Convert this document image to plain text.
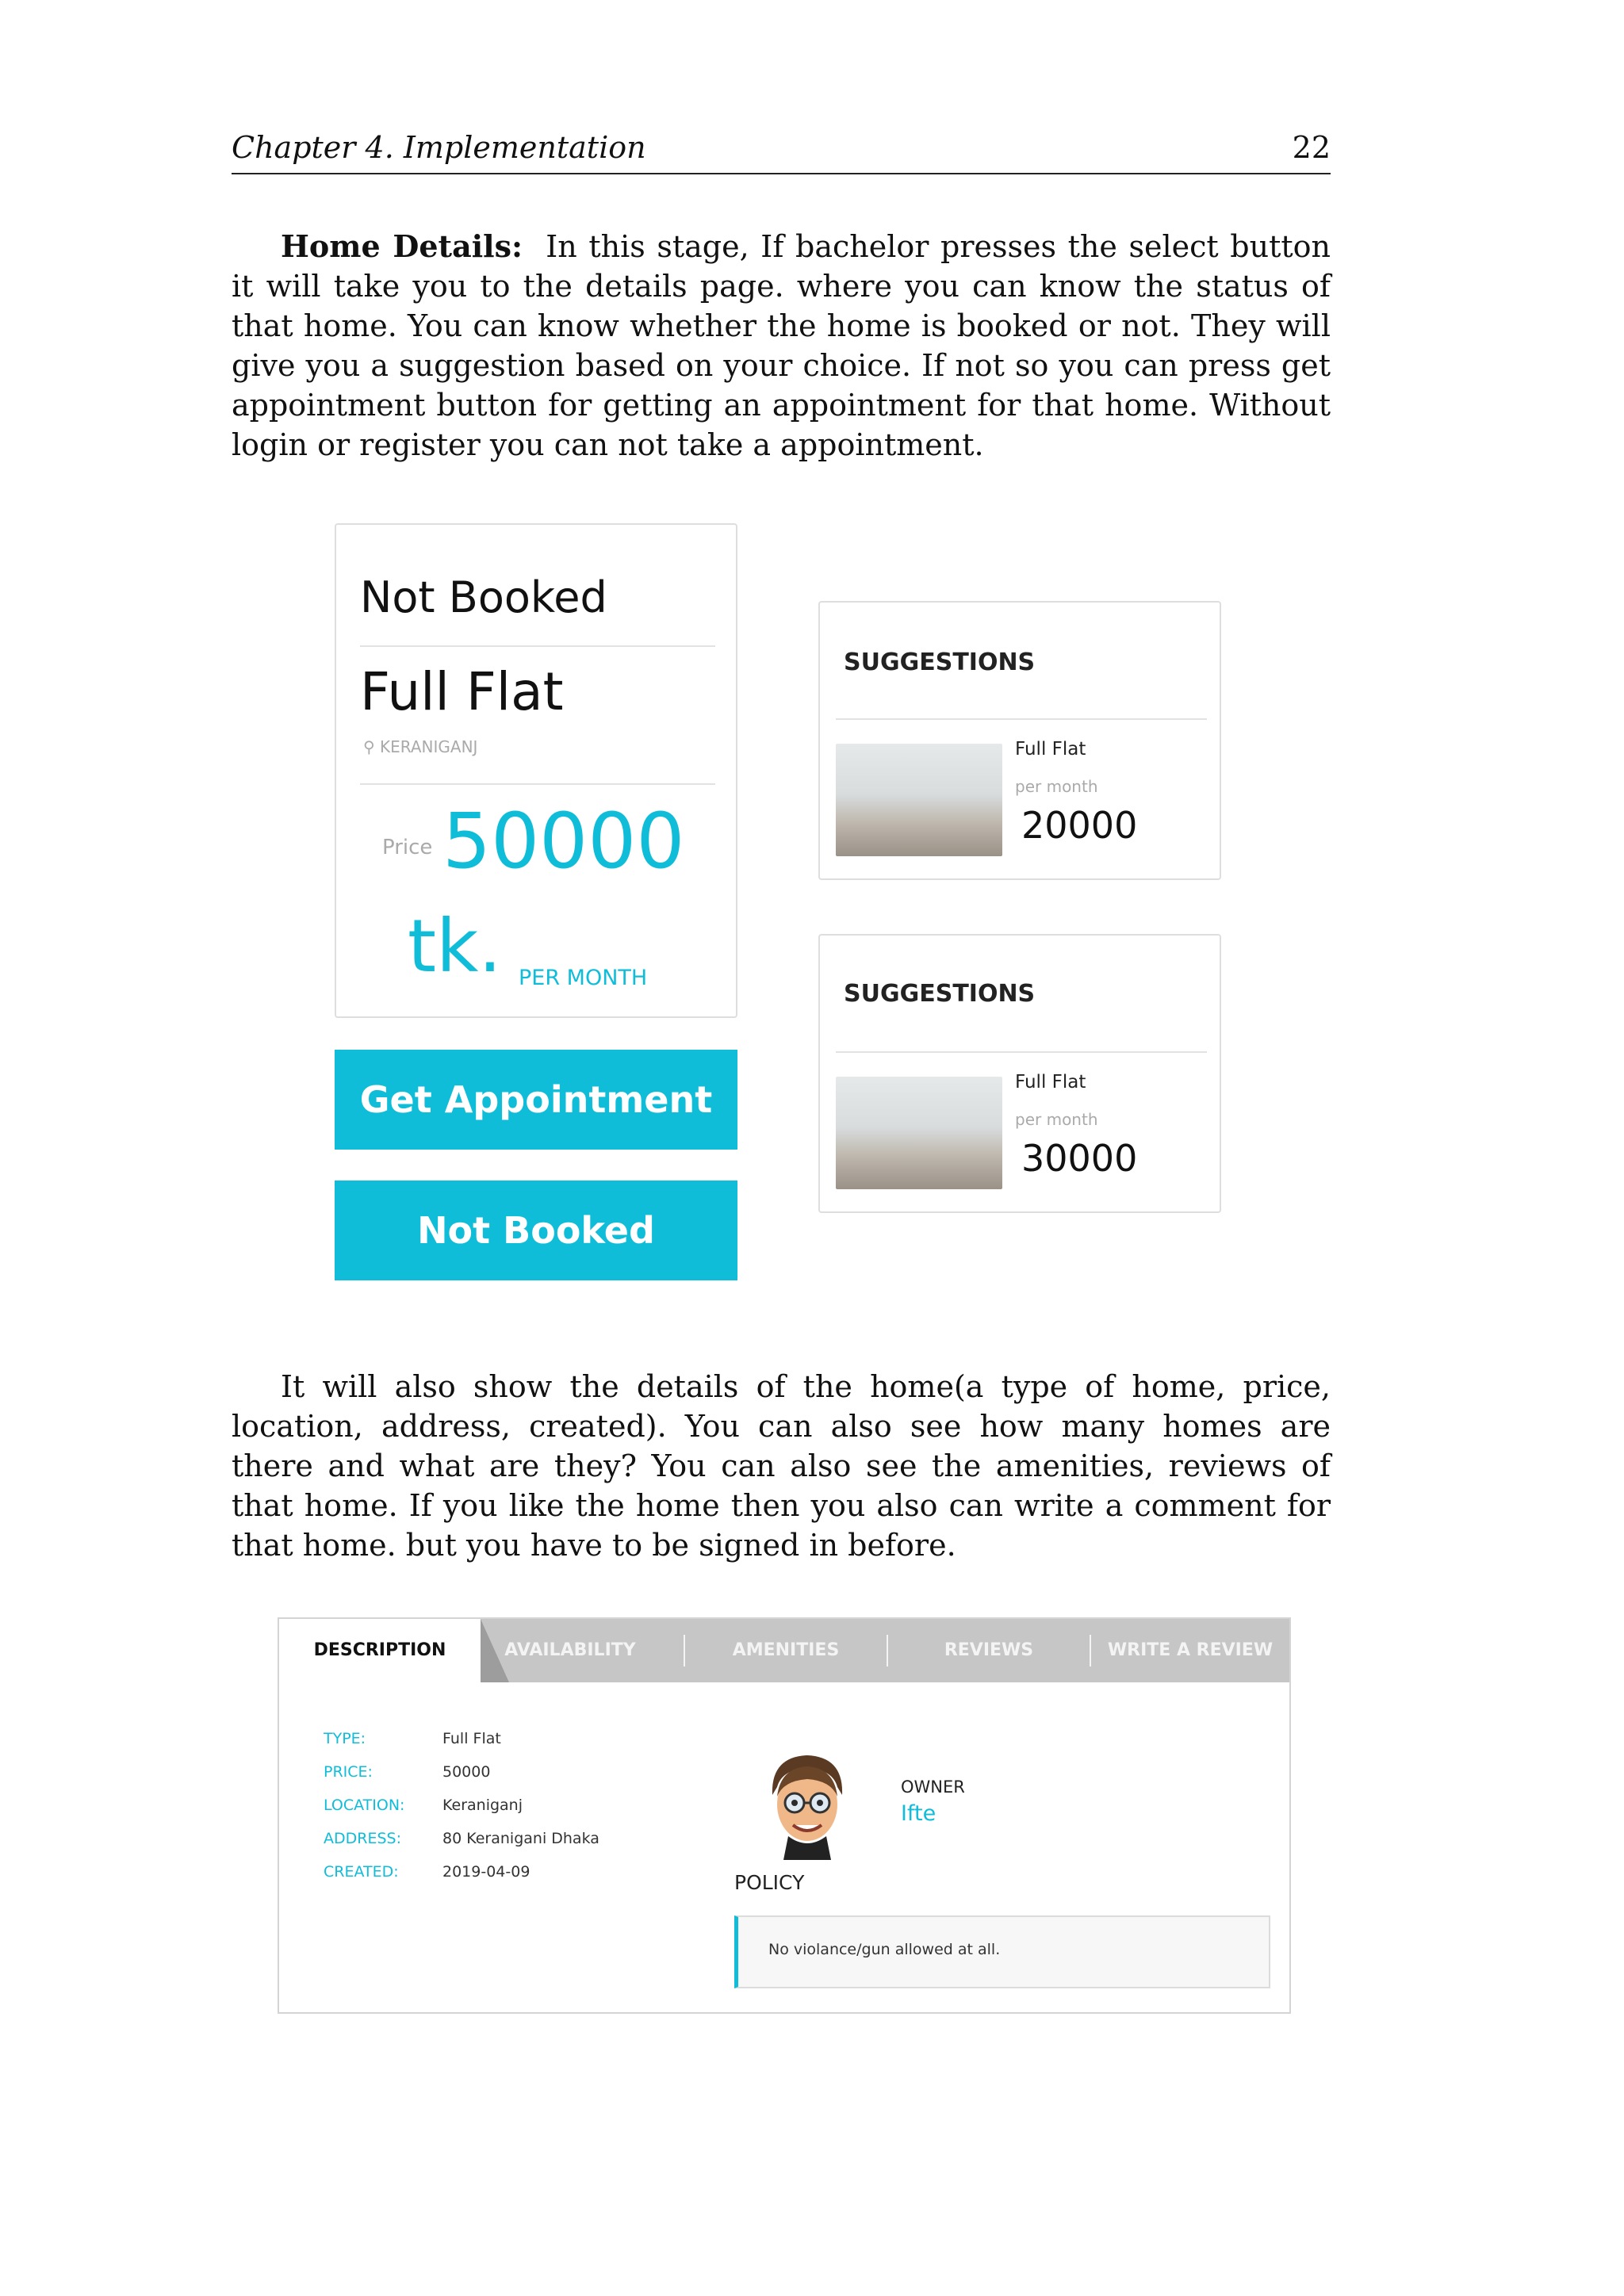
Chapter 4. Implementation	22
Home Details: In this stage, If bachelor presses the select button it will take you to the details page. where you can know the status of that home. You can know whether the home is booked or not. They will give you a suggestion based on your choice. If not so you can press get appointment button for getting an appointment for that home. Without login or register you can not take a appointment.
Not Booked
Full Flat
⚲ KERANIGANJ
Price 50000
tk. PER MONTH
Get Appointment
Not Booked
SUGGESTIONS
Full Flat
per month
20000
SUGGESTIONS
Full Flat
per month
30000
It will also show the details of the home(a type of home, price, location, address, created). You can also see how many homes are there and what are they? You can also see the amenities, reviews of that home. If you like the home then you also can write a comment for that home. but you have to be signed in before.
DESCRIPTION	AVAILABILITY	AMENITIES	REVIEWS	WRITE A REVIEW
TYPE:	Full Flat
PRICE:	50000
LOCATION:	Keraniganj
ADDRESS:	80 Keranigani Dhaka
CREATED:	2019-04-09
OWNER
Ifte
POLICY
No violance/gun allowed at all.
